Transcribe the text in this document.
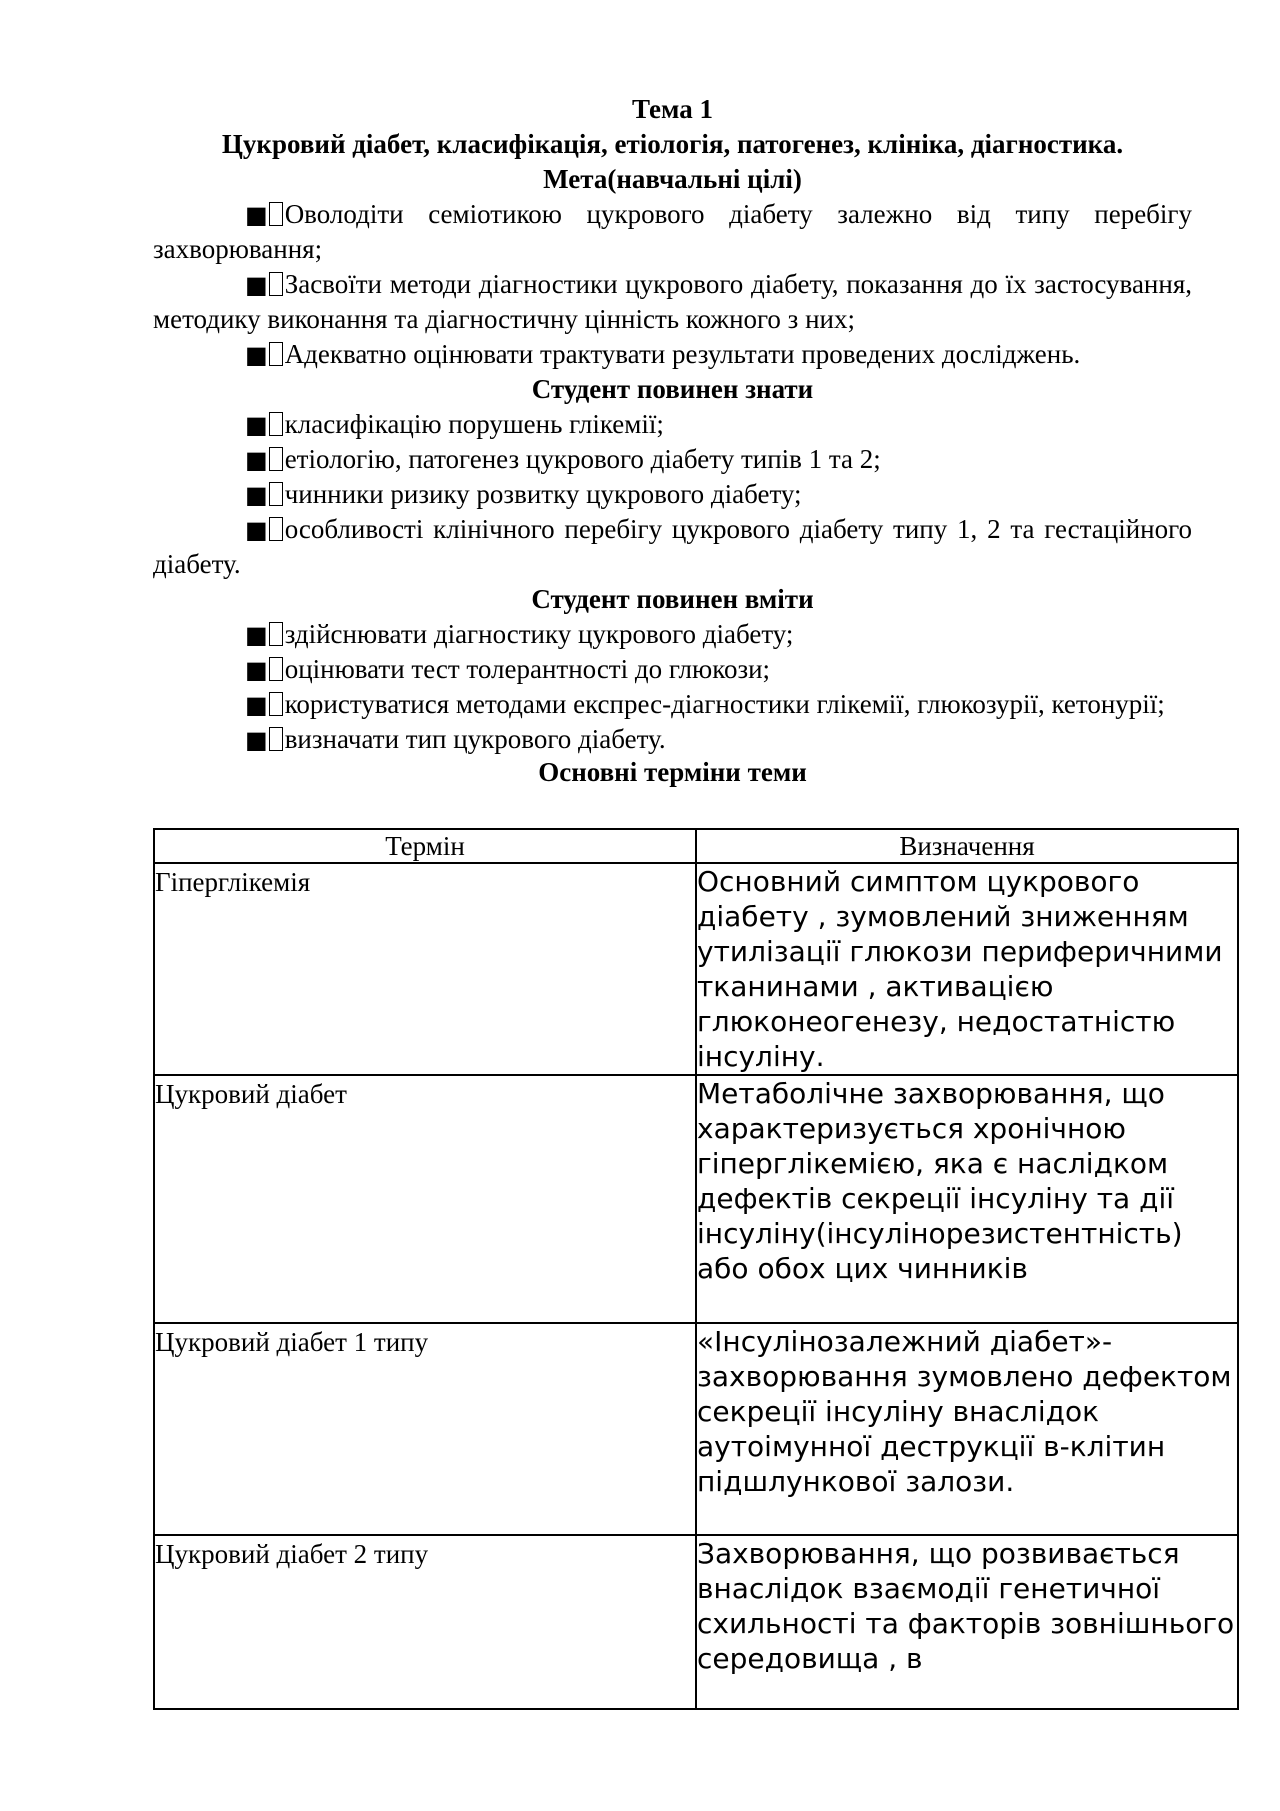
Тема 1

Цукровий діабет, класифікація, етіологія, патогенез, клініка, діагностика.

Мета(навчальні цілі)

■ Оволодіти семіотикою цукрового діабету залежно від типу перебігу захворювання;

■ Засвоїти методи діагностики цукрового діабету, показання до їх застосування, методику виконання та діагностичну цінність кожного з них;

■ Адекватно оцінювати трактувати результати проведених досліджень.

Студент повинен знати

■ класифікацію порушень глікемії;

■ етіологію, патогенез цукрового діабету типів 1 та 2;

■ чинники ризику розвитку цукрового діабету;

■ особливості клінічного перебігу цукрового діабету типу 1, 2 та гестаційного діабету.

Студент повинен вміти

■ здійснювати діагностику цукрового діабету;

■ оцінювати тест толерантності до глюкози;

■ користуватися методами експрес-діагностики глікемії, глюкозурії, кетонурії;

■ визначати тип цукрового діабету.

Основні терміни теми

Термін	Визначення
Гіперглікемія	Основний симптом цукрового діабету , зумовлений зниженням утилізації глюкози периферичними тканинами , активацією глюконеогенезу, недостатністю інсуліну.
Цукровий діабет	Метаболічне захворювання, що характеризується хронічною гіперглікемією, яка є наслідком дефектів секреції інсуліну та дії інсуліну(інсулінорезистентність) або обох цих чинників
Цукровий діабет 1 типу	«Інсулінозалежний діабет»- захворювання зумовлено дефектом секреції інсуліну внаслідок аутоімунної деструкції в-клітин підшлункової залози.
Цукровий діабет 2 типу	Захворювання, що розвивається внаслідок взаємодії генетичної схильності та факторів зовнішнього середовища , в
